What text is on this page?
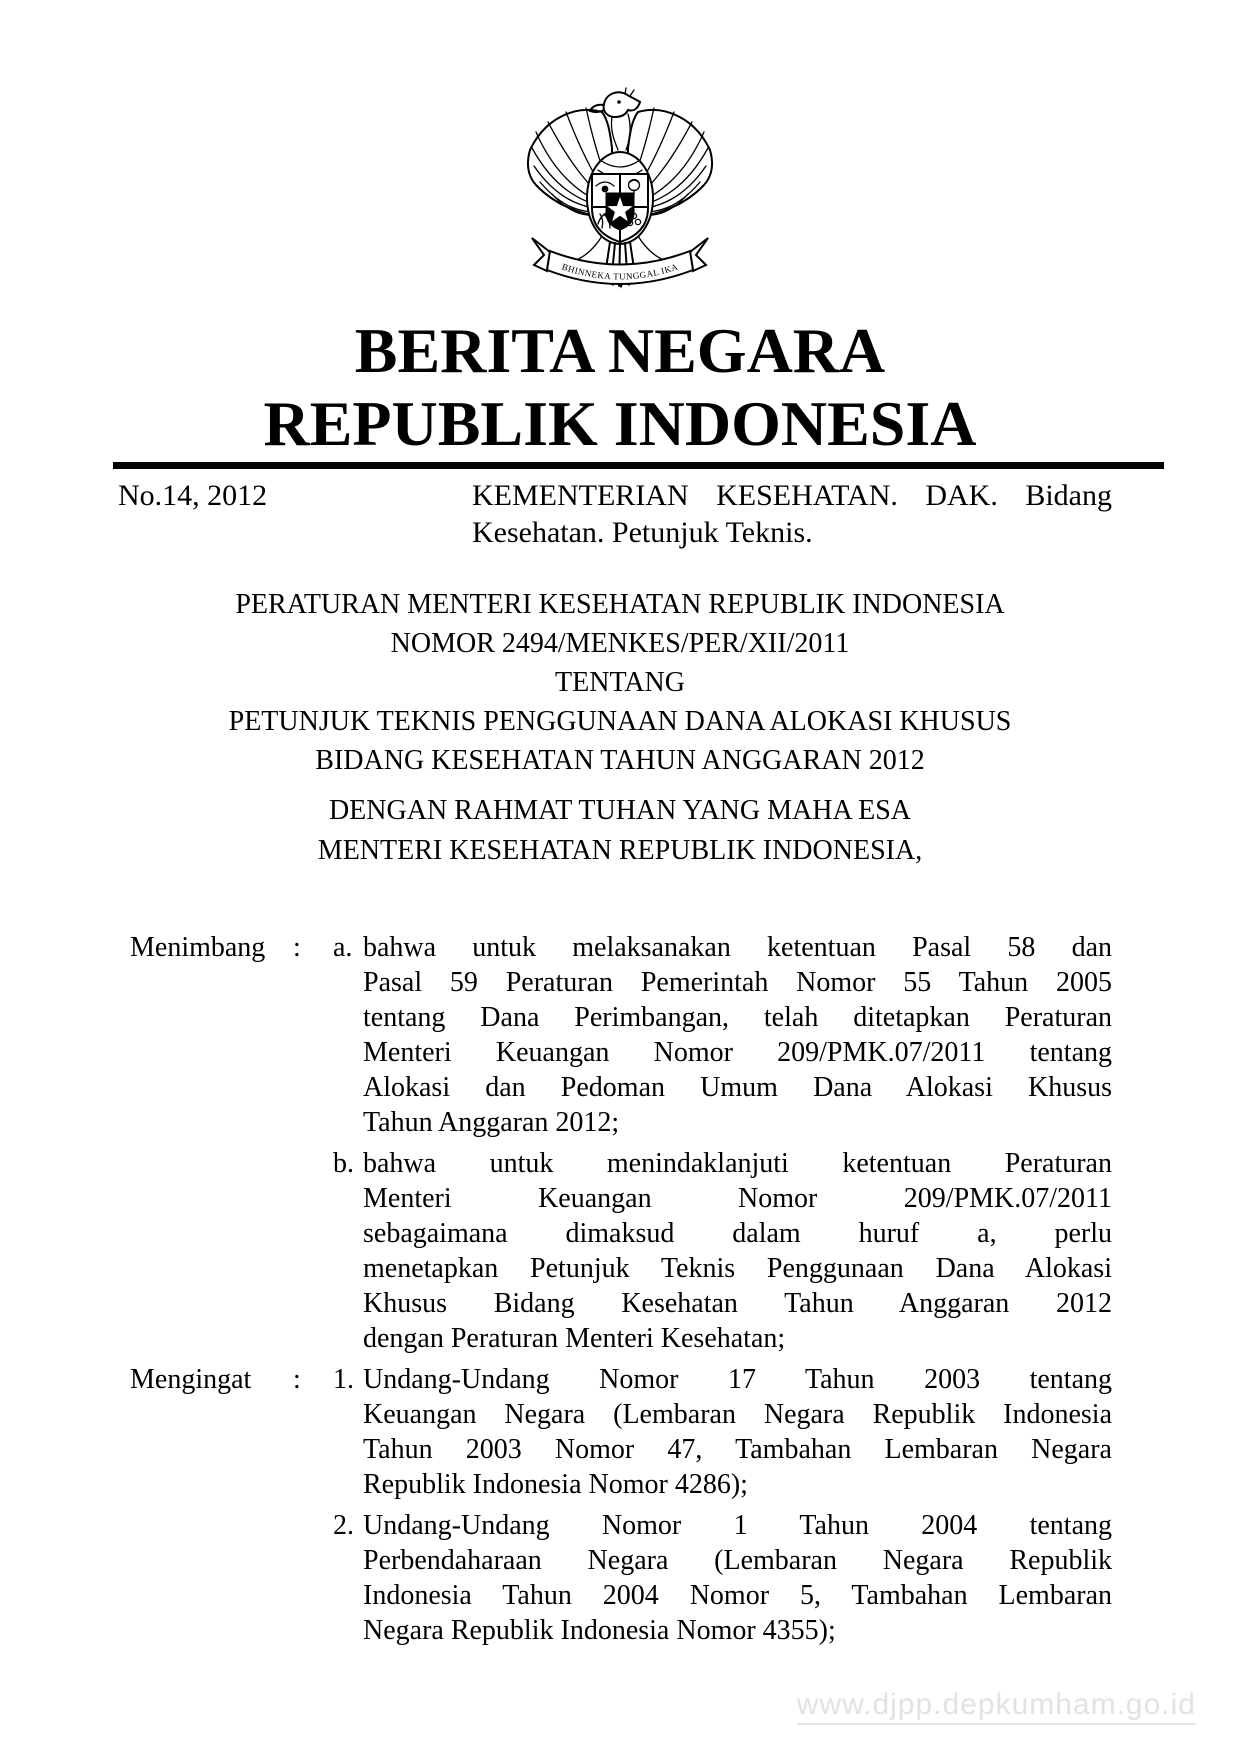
BHINNEKA TUNGGAL IKA
BERITA NEGARA
REPUBLIK INDONESIA
No.14, 2012	KEMENTERIAN KESEHATAN. DAK. Bidang
Kesehatan. Petunjuk Teknis.
PERATURAN MENTERI KESEHATAN REPUBLIK INDONESIA
NOMOR 2494/MENKES/PER/XII/2011
TENTANG
PETUNJUK TEKNIS PENGGUNAAN DANA ALOKASI KHUSUS
BIDANG KESEHATAN TAHUN ANGGARAN 2012
DENGAN RAHMAT TUHAN YANG MAHA ESA
MENTERI KESEHATAN REPUBLIK INDONESIA,
Menimbang :	a. bahwa untuk melaksanakan ketentuan Pasal 58 dan
Pasal 59 Peraturan Pemerintah Nomor 55 Tahun 2005
tentang Dana Perimbangan, telah ditetapkan Peraturan
Menteri Keuangan Nomor 209/PMK.07/2011 tentang
Alokasi dan Pedoman Umum Dana Alokasi Khusus
Tahun Anggaran 2012;
b. bahwa untuk menindaklanjuti ketentuan Peraturan
Menteri Keuangan Nomor 209/PMK.07/2011
sebagaimana dimaksud dalam huruf a, perlu
menetapkan Petunjuk Teknis Penggunaan Dana Alokasi
Khusus Bidang Kesehatan Tahun Anggaran 2012
dengan Peraturan Menteri Kesehatan;
Mengingat	:	1. Undang-Undang Nomor 17 Tahun 2003 tentang
Keuangan Negara (Lembaran Negara Republik Indonesia
Tahun 2003 Nomor 47, Tambahan Lembaran Negara
Republik Indonesia Nomor 4286);
2. Undang-Undang Nomor 1 Tahun 2004 tentang
Perbendaharaan Negara (Lembaran Negara Republik
Indonesia Tahun 2004 Nomor 5, Tambahan Lembaran
Negara Republik Indonesia Nomor 4355);
www.djpp.depkumham.go.id
